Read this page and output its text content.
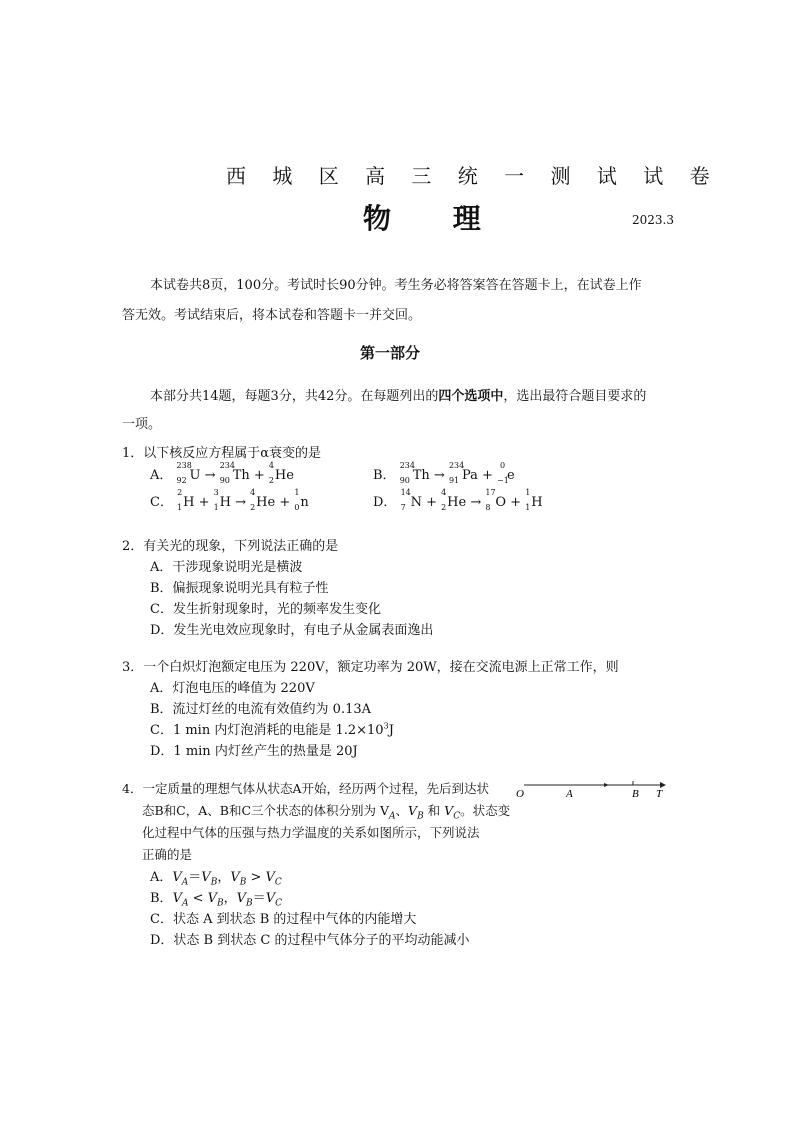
西 城 区 高 三 统 一 测 试 试 卷
物 理	2023.3
本试卷共8页，100分。考试时长90分钟。考生务必将答案答在答题卡上，在试卷上作
答无效。考试结束后，将本试卷和答题卡一并交回。
第一部分
本部分共14题，每题3分，共42分。在每题列出的四个选项中，选出最符合题目要求的
一项。
1．以下核反应方程属于α衰变的是
A．
238
92 U →
234
90 Th +
4
2 He	B．
234
90 Th →
234
91 Pa +
0
−1
e
C．
2
1 H +
3
1 H →
4
2 He +
1
0 n	D．
14
7 N +
4
2 He →
17
8 O +
1
1 H
2．有关光的现象，下列说法正确的是
A．干涉现象说明光是横波
B．偏振现象说明光具有粒子性
C．发生折射现象时，光的频率发生变化
D．发生光电效应现象时，有电子从金属表面逸出
3．一个白炽灯泡额定电压为 220V，额定功率为 20W，接在交流电源上正常工作，则
A．灯泡电压的峰值为 220V
B．流过灯丝的电流有效值约为 0.13A
C．1 min 内灯泡消耗的电能是 $1.2\times 10^3J$
D．1 min 内灯丝产生的热量是 20J
4．一定质量的理想气体从状态A开始，经历两个过程，先后到达状
态B和C，A、B和C三个状态的体积分别为 $V_A$、$V_B$ 和 $V_C$。状态变
化过程中气体的压强与热力学温度的关系如图所示，下列说法
正确的是
A．$V_A=V_B$，$V_B > V_C$
B．$V_A < V_B$，$V_B=V_C$
C．状态 A 到状态 B 的过程中气体的内能增大
D．状态 B 到状态 C 的过程中气体分子的平均动能减小
O	A	B T
